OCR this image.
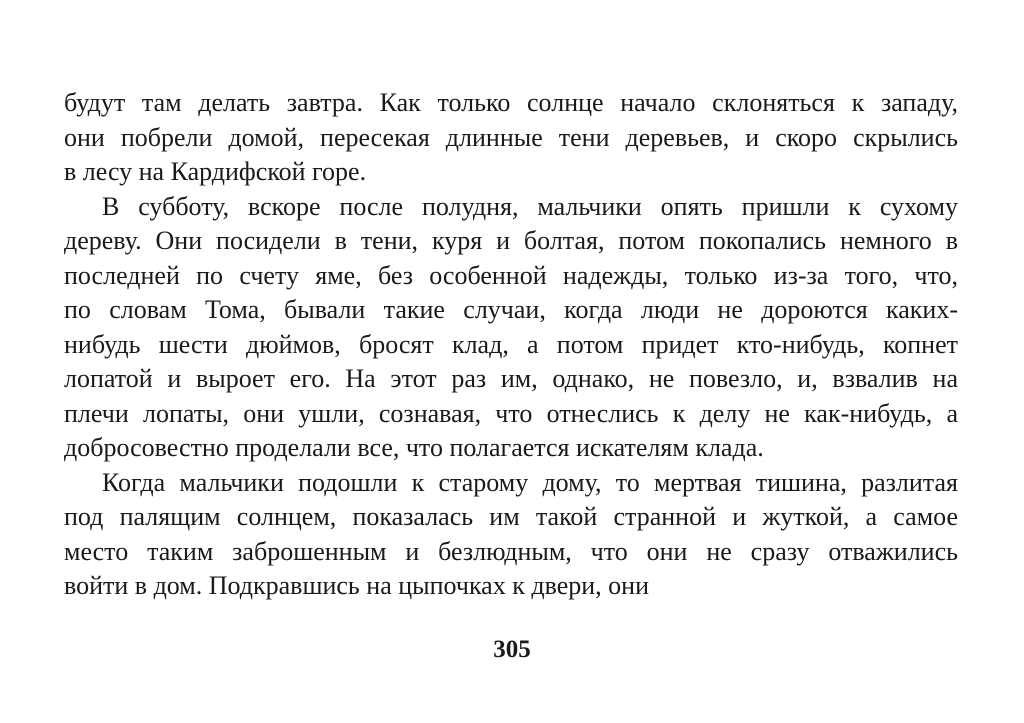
будут там делать завтра. Как только солнце начало склоняться к западу,
они побрели домой, пересекая длинные тени деревьев, и скоро скрылись
в лесу на Кардифской горе.
В субботу, вскоре после полудня, мальчики опять пришли к сухому
дереву. Они посидели в тени, куря и болтая, потом покопались немного в
последней по счету яме, без особенной надежды, только из-за того, что,
по словам Тома, бывали такие случаи, когда люди не дороются каких-
нибудь шести дюймов, бросят клад, а потом придет кто-нибудь, копнет
лопатой и выроет его. На этот раз им, однако, не повезло, и, взвалив на
плечи лопаты, они ушли, сознавая, что отнеслись к делу не как-нибудь, а
добросовестно проделали все, что полагается искателям клада.
Когда мальчики подошли к старому дому, то мертвая тишина, разлитая
под палящим солнцем, показалась им такой странной и жуткой, а самое
место таким заброшенным и безлюдным, что они не сразу отважились
войти в дом. Подкравшись на цыпочках к двери, они
305
